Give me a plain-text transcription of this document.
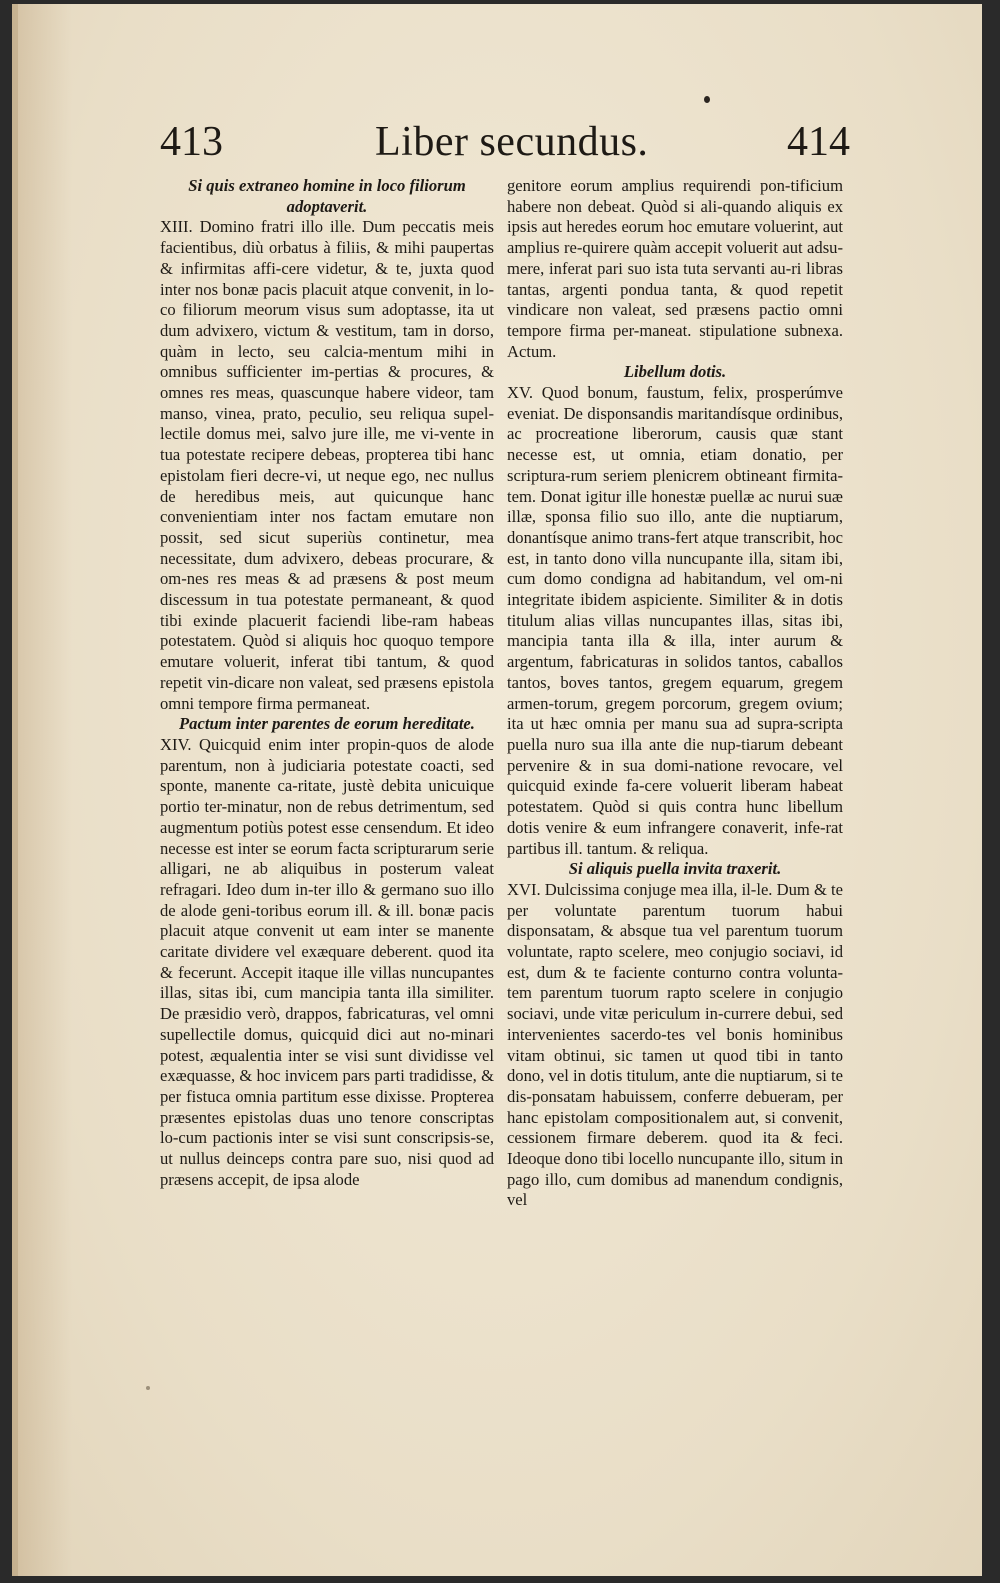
413	Liber secundus.	414

Si quis extraneo homine in loco filiorum adoptaverit.

XIII. Domino fratri illo ille. Dum peccatis meis facientibus, diù orbatus à filiis, & mihi paupertas & infirmitas affi-cere videtur, & te, juxta quod inter nos bonæ pacis placuit atque convenit, in lo-co filiorum meorum visus sum adoptasse, ita ut dum advixero, victum & vestitum, tam in dorso, quàm in lecto, seu calcia-mentum mihi in omnibus sufficienter im-pertias & procures, & omnes res meas, quascunque habere videor, tam manso, vinea, prato, peculio, seu reliqua supel-lectile domus mei, salvo jure ille, me vi-vente in tua potestate recipere debeas, propterea tibi hanc epistolam fieri decre-vi, ut neque ego, nec nullus de heredibus meis, aut quicunque hanc convenientiam inter nos factam emutare non possit, sed sicut superiùs continetur, mea necessitate, dum advixero, debeas procurare, & om-nes res meas & ad præsens & post meum discessum in tua potestate permaneant, & quod tibi exinde placuerit faciendi libe-ram habeas potestatem. Quòd si aliquis hoc quoquo tempore emutare voluerit, inferat tibi tantum, & quod repetit vin-dicare non valeat, sed præsens epistola omni tempore firma permaneat.

Pactum inter parentes de eorum hereditate.

XIV. Quicquid enim inter propin-quos de alode parentum, non à judiciaria potestate coacti, sed sponte, manente ca-ritate, justè debita unicuique portio ter-minatur, non de rebus detrimentum, sed augmentum potiùs potest esse censendum. Et ideo necesse est inter se eorum facta scripturarum serie alligari, ne ab aliquibus in posterum valeat refragari. Ideo dum in-ter illo & germano suo illo de alode geni-toribus eorum ill. & ill. bonæ pacis placuit atque convenit ut eam inter se manente caritate dividere vel exæquare deberent. quod ita & fecerunt. Accepit itaque ille villas nuncupantes illas, sitas ibi, cum mancipia tanta illa similiter. De præsidio verò, drappos, fabricaturas, vel omni supellectile domus, quicquid dici aut no-minari potest, æqualentia inter se visi sunt dividisse vel exæquasse, & hoc invicem pars parti tradidisse, & per fistuca omnia partitum esse dixisse. Propterea præsentes epistolas duas uno tenore conscriptas lo-cum pactionis inter se visi sunt conscripsis-se, ut nullus deinceps contra pare suo, nisi quod ad præsens accepit, de ipsa alode

genitore eorum amplius requirendi pon-tificium habere non debeat. Quòd si ali-quando aliquis ex ipsis aut heredes eorum hoc emutare voluerint, aut amplius re-quirere quàm accepit voluerit aut adsu-mere, inferat pari suo ista tuta servanti au-ri libras tantas, argenti pondua tanta, & quod repetit vindicare non valeat, sed præsens pactio omni tempore firma per-maneat. stipulatione subnexa. Actum.

Libellum dotis.

XV. Quod bonum, faustum, felix, prosperúmve eveniat. De disponsandis maritandísque ordinibus, ac procreatione liberorum, causis quæ stant necesse est, ut omnia, etiam donatio, per scriptura-rum seriem plenicrem obtineant firmita-tem. Donat igitur ille honestæ puellæ ac nurui suæ illæ, sponsa filio suo illo, ante die nuptiarum, donantísque animo trans-fert atque transcribit, hoc est, in tanto dono villa nuncupante illa, sitam ibi, cum domo condigna ad habitandum, vel om-ni integritate ibidem aspiciente. Similiter & in dotis titulum alias villas nuncupantes illas, sitas ibi, mancipia tanta illa & illa, inter aurum & argentum, fabricaturas in solidos tantos, caballos tantos, boves tantos, gregem equarum, gregem armen-torum, gregem porcorum, gregem ovium; ita ut hæc omnia per manu sua ad supra-scripta puella nuro sua illa ante die nup-tiarum debeant pervenire & in sua domi-natione revocare, vel quicquid exinde fa-cere voluerit liberam habeat potestatem. Quòd si quis contra hunc libellum dotis venire & eum infrangere conaverit, infe-rat partibus ill. tantum. & reliqua.

Si aliquis puella invita traxerit.

XVI. Dulcissima conjuge mea illa, il-le. Dum & te per voluntate parentum tuorum habui disponsatam, & absque tua vel parentum tuorum voluntate, rapto scelere, meo conjugio sociavi, id est, dum & te faciente conturno contra volunta-tem parentum tuorum rapto scelere in conjugio sociavi, unde vitæ periculum in-currere debui, sed intervenientes sacerdo-tes vel bonis hominibus vitam obtinui, sic tamen ut quod tibi in tanto dono, vel in dotis titulum, ante die nuptiarum, si te dis-ponsatam habuissem, conferre debueram, per hanc epistolam compositionalem aut, si convenit, cessionem firmare deberem. quod ita & feci. Ideoque dono tibi locello nuncupante illo, situm in pago illo, cum domibus ad manendum condignis, vel
